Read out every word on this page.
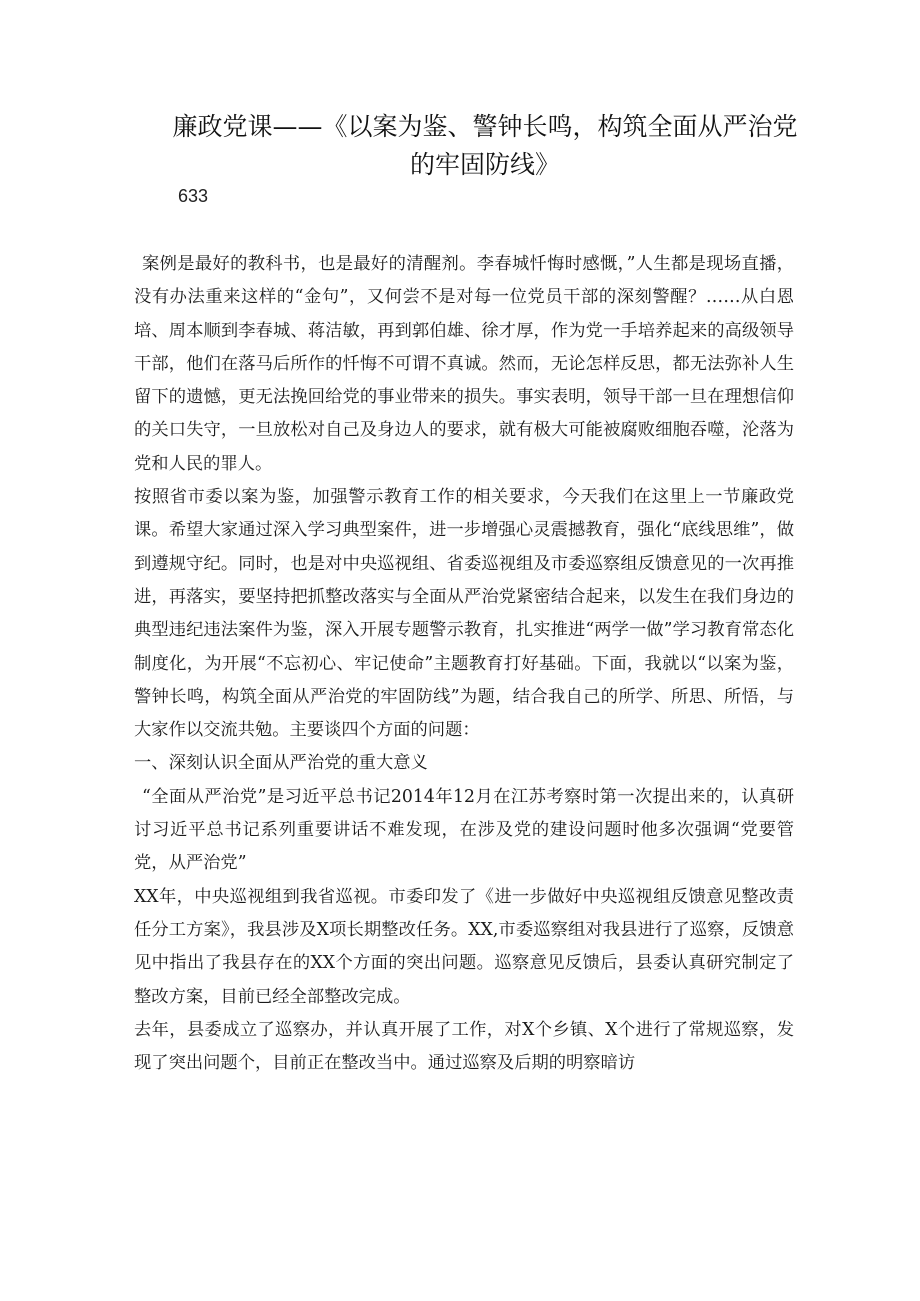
廉政党课——《以案为鉴、警钟长鸣，构筑全面从严治党
的牢固防线》
633

案例是最好的教科书，也是最好的清醒剂。李春城忏悔时感慨，”人生都是现场直播，没有办法重来这样的“金句”，又何尝不是对每一位党员干部的深刻警醒？……从白恩培、周本顺到李春城、蒋洁敏，再到郭伯雄、徐才厚，作为党一手培养起来的高级领导干部，他们在落马后所作的忏悔不可谓不真诚。然而，无论怎样反思，都无法弥补人生留下的遗憾，更无法挽回给党的事业带来的损失。事实表明，领导干部一旦在理想信仰的关口失守，一旦放松对自己及身边人的要求，就有极大可能被腐败细胞吞噬，沦落为党和人民的罪人。

按照省市委以案为鉴，加强警示教育工作的相关要求，今天我们在这里上一节廉政党课。希望大家通过深入学习典型案件，进一步增强心灵震撼教育，强化“底线思维”，做到遵规守纪。同时，也是对中央巡视组、省委巡视组及市委巡察组反馈意见的一次再推进，再落实，要坚持把抓整改落实与全面从严治党紧密结合起来，以发生在我们身边的典型违纪违法案件为鉴，深入开展专题警示教育，扎实推进“两学一做”学习教育常态化制度化，为开展“不忘初心、牢记使命”主题教育打好基础。下面，我就以“以案为鉴，警钟长鸣，构筑全面从严治党的牢固防线”为题，结合我自己的所学、所思、所悟，与大家作以交流共勉。主要谈四个方面的问题：

一、深刻认识全面从严治党的重大意义

“全面从严治党”是习近平总书记2014年12月在江苏考察时第一次提出来的，认真研讨习近平总书记系列重要讲话不难发现，在涉及党的建设问题时他多次强调“党要管党，从严治党”

XX年，中央巡视组到我省巡视。市委印发了《进一步做好中央巡视组反馈意见整改责任分工方案》，我县涉及X项长期整改任务。XX,市委巡察组对我县进行了巡察，反馈意见中指出了我县存在的XX个方面的突出问题。巡察意见反馈后，县委认真研究制定了整改方案，目前已经全部整改完成。

去年，县委成立了巡察办，并认真开展了工作，对X个乡镇、X个进行了常规巡察，发现了突出问题个，目前正在整改当中。通过巡察及后期的明察暗访
